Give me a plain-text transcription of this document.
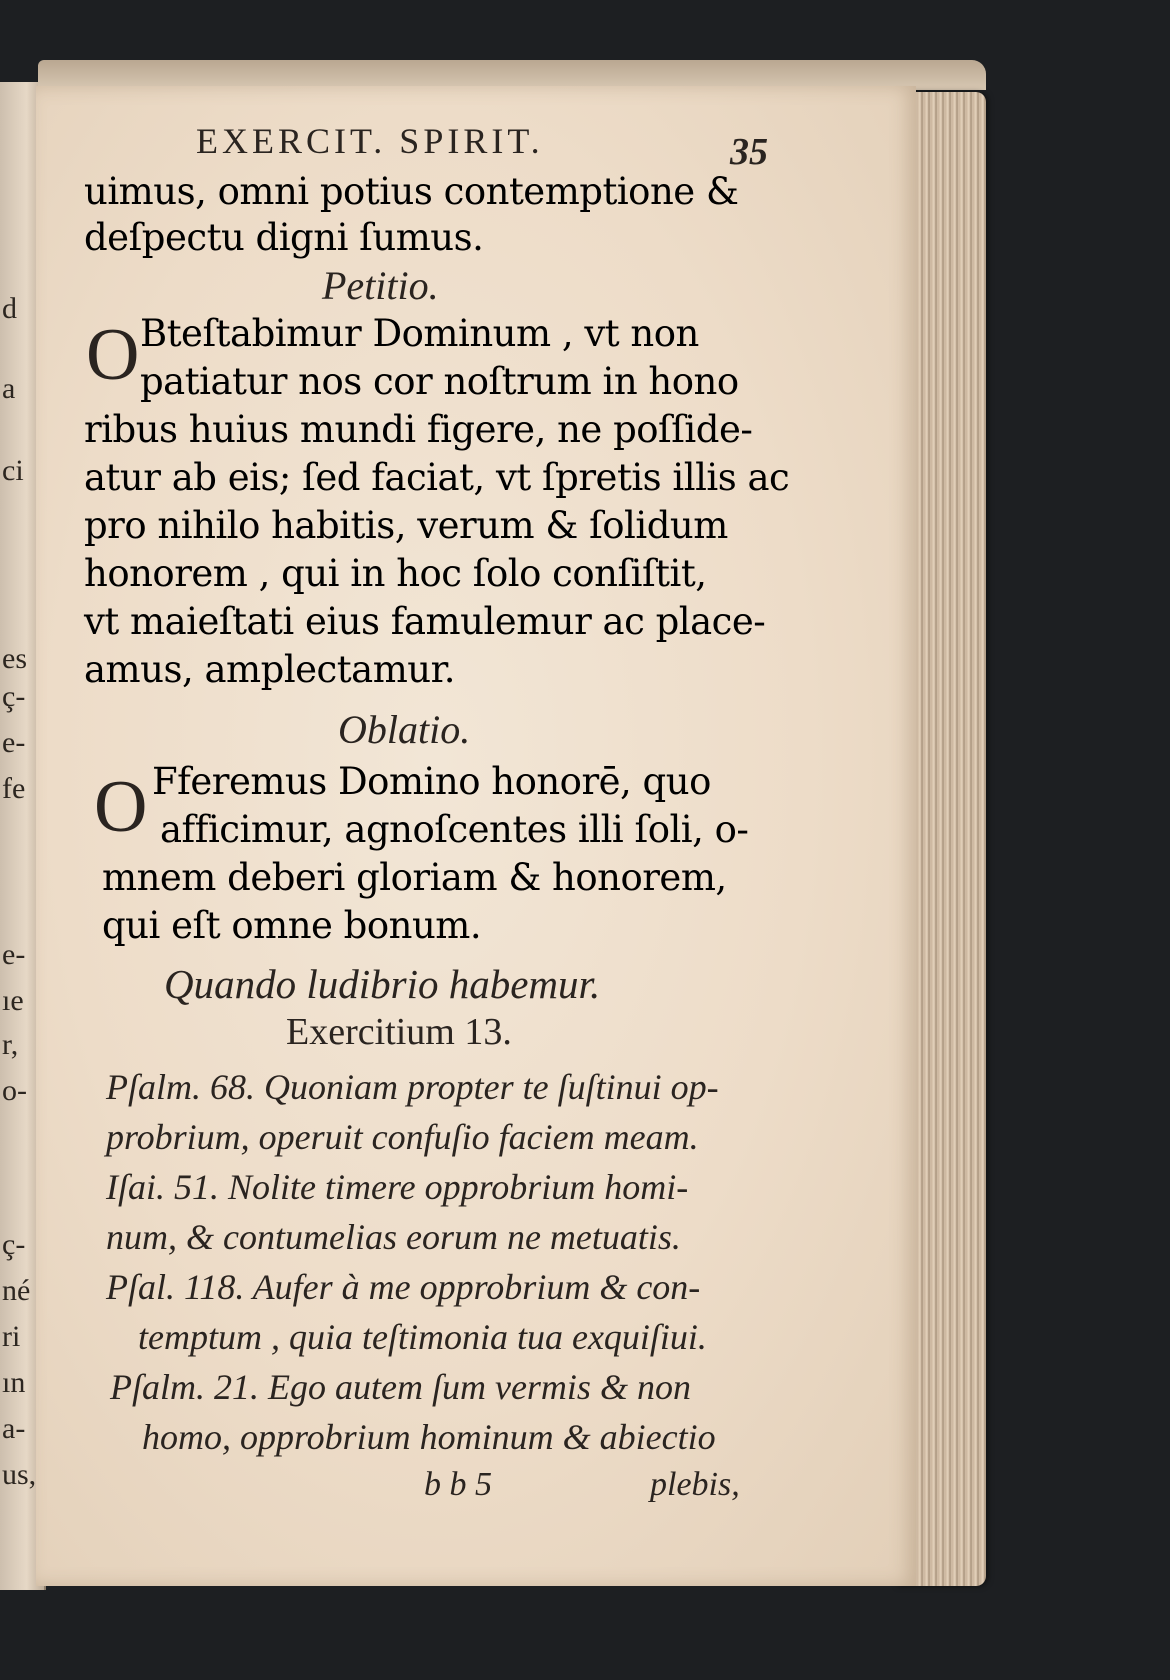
d
a
ci
es
ç-
e-
fe
e-
ıe
r,
o-
ç-
né
ri
ın
a-
us,
EXERCIT. SPIRIT.	35
uimus, omni potius contemptione &
deſpectu digni ſumus.
Petitio.
O Bteſtabimur Dominum , vt non
patiatur nos cor noſtrum in hono
ribus huius mundi figere, ne poſſide-
atur ab eis; ſed faciat, vt ſpretis illis ac
pro nihilo habitis, verum & ſolidum
honorem , qui in hoc ſolo conſiſtit,
vt maieſtati eius famulemur ac place-
amus, amplectamur.
Oblatio.
O Fferemus Domino honorē, quo
afficimur, agnoſcentes illi ſoli, o-
mnem deberi gloriam & honorem,
qui eſt omne bonum.
Quando ludibrio habemur.
Exercitium 13.
Pſalm. 68. Quoniam propter te ſuſtinui op-
probrium, operuit confuſio faciem meam.
Iſai. 51. Nolite timere opprobrium homi-
num, & contumelias eorum ne metuatis.
Pſal. 118. Aufer à me opprobrium & con-
temptum , quia teſtimonia tua exquiſiui.
Pſalm. 21. Ego autem ſum vermis & non
homo, opprobrium hominum & abiectio
b b 5	plebis,
